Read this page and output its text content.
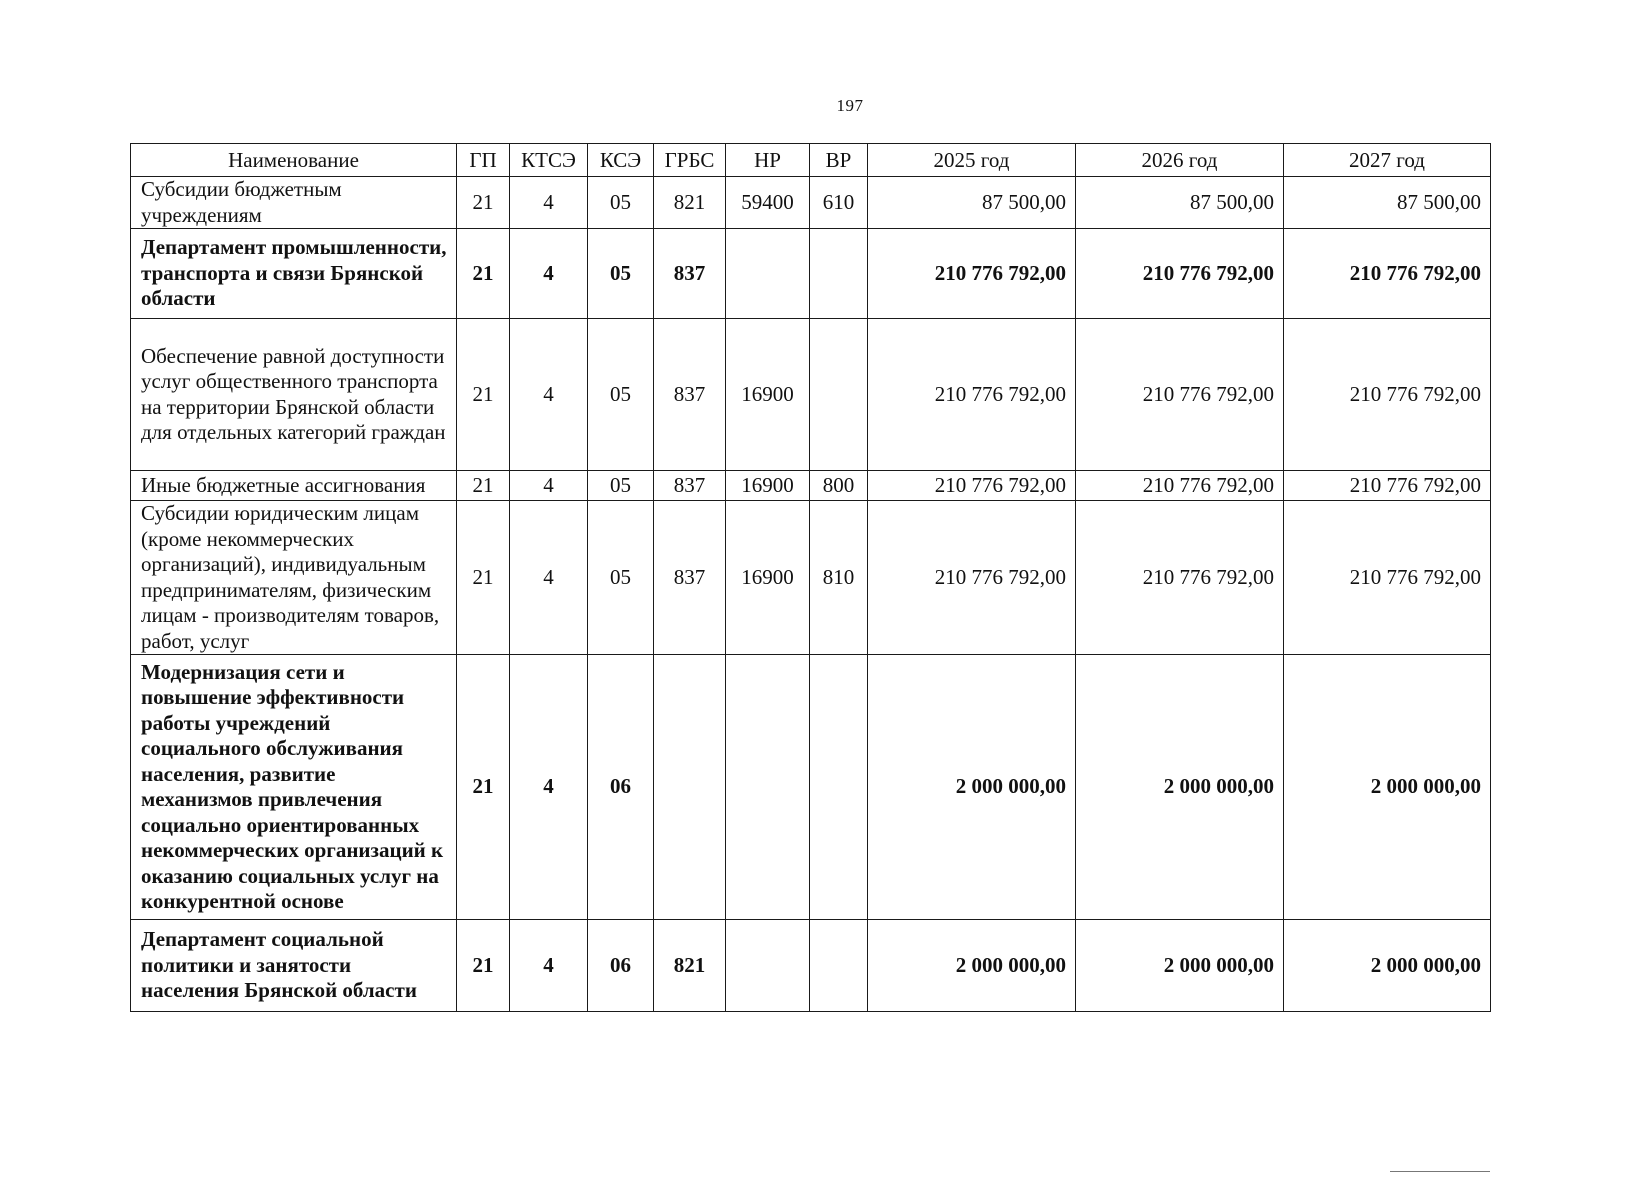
197
Наименование	ГП	КТСЭ	КСЭ	ГРБС	НР	ВР	2025 год	2026 год	2027 год
Субсидии бюджетным учреждениям	21	4	05	821	59400	610	87 500,00	87 500,00	87 500,00
Департамент промышленности, транспорта и связи Брянской области	21	4	05	837			210 776 792,00	210 776 792,00	210 776 792,00
Обеспечение равной доступности услуг общественного транспорта на территории Брянской области для отдельных категорий граждан	21	4	05	837	16900		210 776 792,00	210 776 792,00	210 776 792,00
Иные бюджетные ассигнования	21	4	05	837	16900	800	210 776 792,00	210 776 792,00	210 776 792,00
Субсидии юридическим лицам (кроме некоммерческих организаций), индивидуальным предпринимателям, физическим лицам - производителям товаров, работ, услуг	21	4	05	837	16900	810	210 776 792,00	210 776 792,00	210 776 792,00
Модернизация сети и повышение эффективности работы учреждений социального обслуживания населения, развитие механизмов привлечения социально ориентированных некоммерческих организаций к оказанию социальных услуг на конкурентной основе	21	4	06				2 000 000,00	2 000 000,00	2 000 000,00
Департамент социальной политики и занятости населения Брянской области	21	4	06	821			2 000 000,00	2 000 000,00	2 000 000,00
